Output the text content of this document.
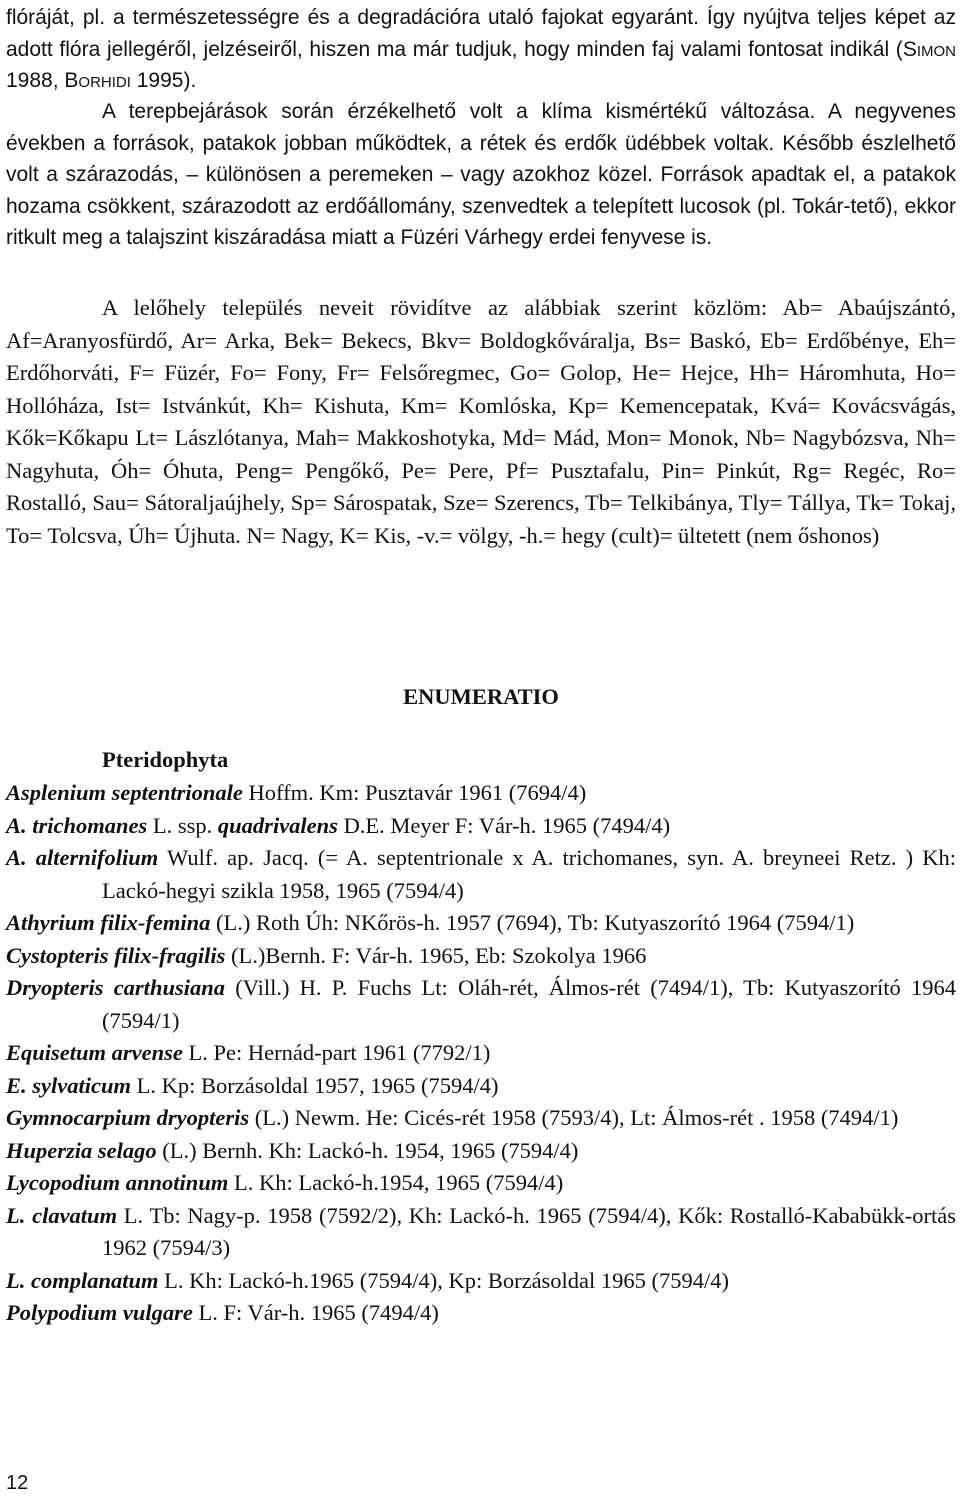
flóráját, pl. a természetességre és a degradációra utaló fajokat egyaránt. Így nyújtva teljes képet az adott flóra jellegéről, jelzéseiről, hiszen ma már tudjuk, hogy minden faj valami fontosat indikál (Simon 1988, Borhidi 1995).

A terepbejárások során érzékelhető volt a klíma kismértékű változása. A negyvenes években a források, patakok jobban működtek, a rétek és erdők üdébbek voltak. Később észlelhető volt a szárazodás, – különösen a peremeken – vagy azokhoz közel. Források apadtak el, a patakok hozama csökkent, szárazodott az erdőállomány, szenvedtek a telepített lucosok (pl. Tokár-tető), ekkor ritkult meg a talajszint kiszáradása miatt a Füzéri Várhegy erdei fenyvese is.

A lelőhely település neveit rövidítve az alábbiak szerint közlöm: Ab= Abaújszántó, Af=Aranyosfürdő, Ar= Arka, Bek= Bekecs, Bkv= Boldogkőváralja, Bs= Baskó, Eb= Erdőbénye, Eh= Erdőhorváti, F= Füzér, Fo= Fony, Fr= Felsőregmec, Go= Golop, He= Hejce, Hh= Háromhuta, Ho= Hollóháza, Ist= Istvánkút, Kh= Kishuta, Km= Komlóska, Kp= Kemencepatak, Kvá= Kovácsvágás, Kők=Kőkapu Lt= Lászlótanya, Mah= Makkoshotyka, Md= Mád, Mon= Monok, Nb= Nagybózsva, Nh= Nagyhuta, Óh= Óhuta, Peng= Pengőkő, Pe= Pere, Pf= Pusztafalu, Pin= Pinkút, Rg= Regéc, Ro= Rostalló, Sau= Sátoraljaújhely, Sp= Sárospatak, Sze= Szerencs, Tb= Telkibánya, Tly= Tállya, Tk= Tokaj, To= Tolcsva, Úh= Újhuta. N= Nagy, K= Kis, -v.= völgy, -h.= hegy (cult)= ültetett (nem őshonos)

ENUMERATIO
Pteridophyta

Asplenium septentrionale Hoffm. Km: Pusztavár 1961 (7694/4)

A. trichomanes L. ssp. quadrivalens D.E. Meyer F: Vár-h. 1965 (7494/4)

A. alternifolium Wulf. ap. Jacq. (= A. septentrionale x A. trichomanes, syn. A. breyneei Retz. ) Kh: Lackó-hegyi szikla 1958, 1965 (7594/4)

Athyrium filix-femina (L.) Roth Úh: NKőrös-h. 1957 (7694), Tb: Kutyaszorító 1964 (7594/1)

Cystopteris filix-fragilis (L.)Bernh. F: Vár-h. 1965, Eb: Szokolya 1966

Dryopteris carthusiana (Vill.) H. P. Fuchs Lt: Oláh-rét, Álmos-rét (7494/1), Tb: Kutyaszorító 1964 (7594/1)

Equisetum arvense L. Pe: Hernád-part 1961 (7792/1)

E. sylvaticum L. Kp: Borzásoldal 1957, 1965 (7594/4)

Gymnocarpium dryopteris (L.) Newm. He: Cicés-rét 1958 (7593/4), Lt: Álmos-rét . 1958 (7494/1)

Huperzia selago (L.) Bernh. Kh: Lackó-h. 1954, 1965 (7594/4)

Lycopodium annotinum L. Kh: Lackó-h.1954, 1965 (7594/4)

L. clavatum L. Tb: Nagy-p. 1958 (7592/2), Kh: Lackó-h. 1965 (7594/4), Kők: Rostalló-Kababükk-ortás 1962 (7594/3)

L. complanatum L. Kh: Lackó-h.1965 (7594/4), Kp: Borzásoldal 1965 (7594/4)

Polypodium vulgare L. F: Vár-h. 1965 (7494/4)

12
